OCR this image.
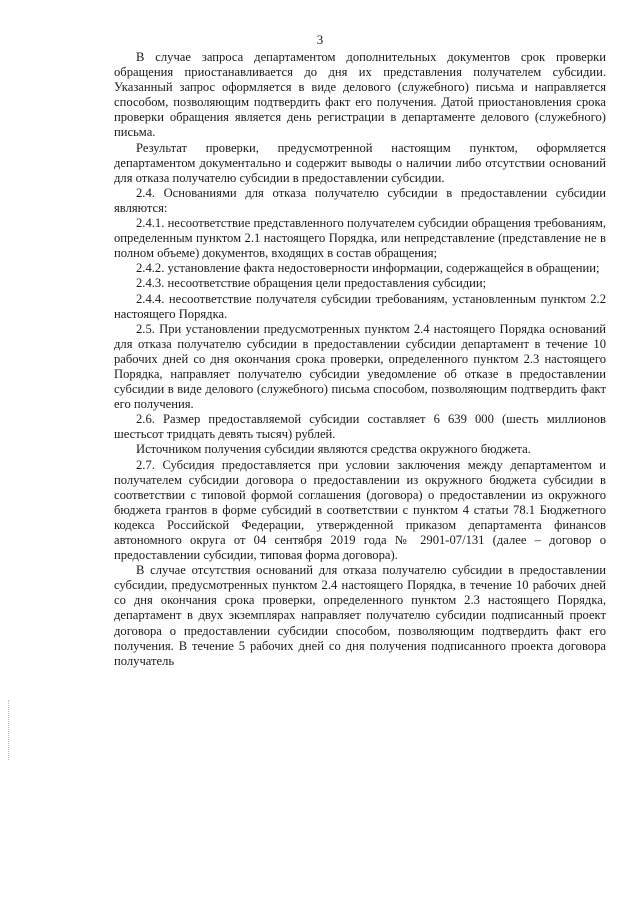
3

В случае запроса департаментом дополнительных документов срок проверки обращения приостанавливается до дня их представления получателем субсидии. Указанный запрос оформляется в виде делового (служебного) письма и направляется способом, позволяющим подтвердить факт его получения. Датой приостановления срока проверки обращения является день регистрации в департаменте делового (служебного) письма.

Результат проверки, предусмотренной настоящим пунктом, оформляется департаментом документально и содержит выводы о наличии либо отсутствии оснований для отказа получателю субсидии в предоставлении субсидии.

2.4. Основаниями для отказа получателю субсидии в предоставлении субсидии являются:

2.4.1. несоответствие представленного получателем субсидии обращения требованиям, определенным пунктом 2.1 настоящего Порядка, или непредставление (представление не в полном объеме) документов, входящих в состав обращения;

2.4.2. установление факта недостоверности информации, содержащейся в обращении;

2.4.3. несоответствие обращения цели предоставления субсидии;

2.4.4. несоответствие получателя субсидии требованиям, установленным пунктом 2.2 настоящего Порядка.

2.5. При установлении предусмотренных пунктом 2.4 настоящего Порядка оснований для отказа получателю субсидии в предоставлении субсидии департамент в течение 10 рабочих дней со дня окончания срока проверки, определенного пунктом 2.3 настоящего Порядка, направляет получателю субсидии уведомление об отказе в предоставлении субсидии в виде делового (служебного) письма способом, позволяющим подтвердить факт его получения.

2.6. Размер предоставляемой субсидии составляет 6 639 000 (шесть миллионов шестьсот тридцать девять тысяч) рублей.

Источником получения субсидии являются средства окружного бюджета.

2.7. Субсидия предоставляется при условии заключения между департаментом и получателем субсидии договора о предоставлении из окружного бюджета субсидии в соответствии с типовой формой соглашения (договора) о предоставлении из окружного бюджета грантов в форме субсидий в соответствии с пунктом 4 статьи 78.1 Бюджетного кодекса Российской Федерации, утвержденной приказом департамента финансов автономного округа от 04 сентября 2019 года № 2901-07/131 (далее – договор о предоставлении субсидии, типовая форма договора).

В случае отсутствия оснований для отказа получателю субсидии в предоставлении субсидии, предусмотренных пунктом 2.4 настоящего Порядка, в течение 10 рабочих дней со дня окончания срока проверки, определенного пунктом 2.3 настоящего Порядка, департамент в двух экземплярах направляет получателю субсидии подписанный проект договора о предоставлении субсидии способом, позволяющим подтвердить факт его получения. В течение 5 рабочих дней со дня получения подписанного проекта договора получатель
